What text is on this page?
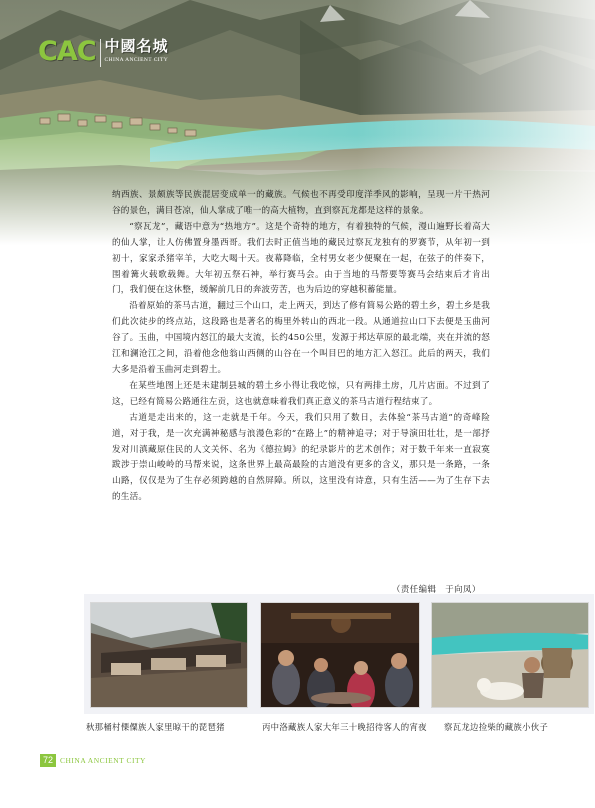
CAC 中國名城
CHINA ANCIENT CITY

纳西族、景颇族等民族混居变成单一的藏族。气候也不再受印度洋季风的影响，呈现一片干热河谷的景色，满目苍凉，仙人掌成了唯一的高大植物，直到察瓦龙都是这样的景象。

“察瓦龙”，藏语中意为“热地方”。这是个奇特的地方，有着独特的气候，漫山遍野长着高大的仙人掌，让人仿佛置身墨西哥。我们去时正值当地的藏民过察瓦龙独有的罗赛节，从年初一到初十，家家杀猪宰羊，大吃大喝十天。夜幕降临，全村男女老少便聚在一起，在弦子的伴奏下，围着篝火载歌载舞。大年初五祭石神，举行赛马会。由于当地的马帮要等赛马会结束后才肯出门，我们便在这休整，缓解前几日的奔波劳苦，也为后边的穿越积蓄能量。

沿着原始的茶马古道，翻过三个山口，走上两天，到达了修有简易公路的碧土乡，碧土乡是我们此次徒步的终点站，这段路也是著名的梅里外转山的西北一段。从通道拉山口下去便是玉曲河谷了。玉曲，中国境内怒江的最大支流，长约450公里，发源于邦达草原的最北端，夹在并流的怒江和澜沧江之间，沿着他念他翁山西侧的山谷在一个叫目巴的地方汇入怒江。此后的两天，我们大多是沿着玉曲河走到碧土。

在某些地图上还是未建制县城的碧土乡小得让我吃惊，只有两排土房，几片店面。不过到了这，已经有简易公路通往左贡，这也就意味着我们真正意义的茶马古道行程结束了。

古道是走出来的，这一走就是千年。今天，我们只用了数日，去体验“茶马古道”的奇峰险道，对于我，是一次充满神秘感与浪漫色彩的“在路上”的精神追寻；对于导演田壮壮，是一部抒发对川滇藏原住民的人文关怀、名为《德拉姆》的纪录影片的艺术创作；对于数千年来一直寂寞跋涉于崇山峻岭的马帮来说，这条世界上最高最险的古道没有更多的含义，那只是一条路，一条山路，仅仅是为了生存必须跨越的自然屏障。所以，这里没有诗意，只有生活——为了生存下去的生活。

（责任编辑　于向凤）
秋那桶村傈僳族人家里晾干的琵琶猪	丙中洛藏族人家大年三十晚招待客人的宵夜	察瓦龙边捡柴的藏族小伙子
72 CHINA ANCIENT CITY
